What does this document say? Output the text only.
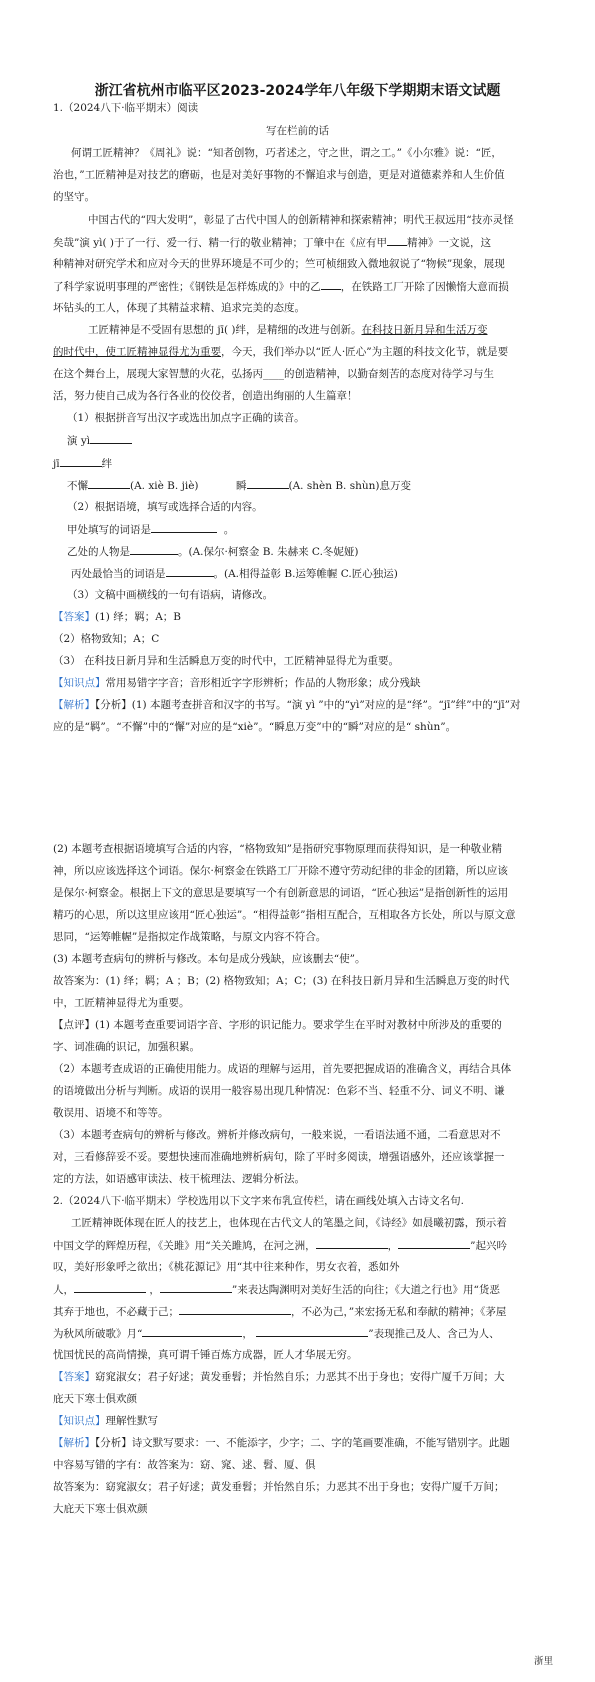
浙江省杭州市临平区2023-2024学年八年级下学期期末语文试题
1.（2024八下·临平期末）阅读
写在栏前的话
何谓工匠精神？《周礼》说：“知者创物，巧者述之，守之世，谓之工。”《小尔雅》说：“匠，
治也，”工匠精神是对技艺的磨砺，也是对美好事物的不懈追求与创造，更是对道德素养和人生价值
的坚守。
中国古代的“四大发明”，彰显了古代中国人的创新精神和探索精神；明代王叔远用“技亦灵怪
矣哉”演 yì( )于了一行、爱一行、精一行的敬业精神；丁肇中在《应有甲 精神》一文说，这
种精神对研究学术和应对今天的世界环境是不可少的；竺可桢细致入微地叙说了“物候”现象，展现
了科学家说明事理的严密性；《钢铁是怎样炼成的》中的乙 ，在铁路工厂开除了因懒惰大意而损
坏钻头的工人，体现了其精益求精、追求完美的态度。
工匠精神是不受固有思想的 jī( )绊，是精细的改进与创新。在科技日新月异和生活万变
的时代中，使工匠精神显得尤为重要，今天，我们举办以“匠人·匠心”为主题的科技文化节，就是要
在这个舞台上，展现大家智慧的火花，弘扬丙____的创造精神，以勤奋刻苦的态度对待学习与生
活，努力使自己成为各行各业的佼佼者，创造出绚丽的人生篇章！
（1）根据拼音写出汉字或选出加点字正确的读音。
演 yì
jī	绊
不懈	(A. xiè B. jiè)	瞬	(A. shèn B. shùn)息万变
（2）根据语境，填写或选择合适的内容。
甲处填写的词语是	。
乙处的人物是	。(A.保尔·柯察金 B. 朱赫来 C.冬妮娅)
丙处最恰当的词语是	。(A.相得益彰 B.运筹帷幄 C.匠心独运)
（3）文稿中画横线的一句有语病，请修改。
【答案】(1) 绎；羁；A；B
（2）格物致知；A；C
（3） 在科技日新月异和生活瞬息万变的时代中，工匠精神显得尤为重要。
【知识点】常用易错字字音；音形相近字字形辨析；作品的人物形象；成分残缺
【解析】【分析】(1) 本题考查拼音和汉字的书写。“演 yì ”中的“yì”对应的是“绎”。“jī”绊”中的“jī”对
应的是“羁”。“不懈”中的“懈”对应的是“xiè”。“瞬息万变”中的“瞬”对应的是“ shùn”。
(2) 本题考查根据语境填写合适的内容，“格物致知”是指研究事物原理而获得知识，是一种敬业精
神，所以应该选择这个词语。保尔·柯察金在铁路工厂开除不遵守劳动纪律的非金的团籍，所以应该
是保尔·柯察金。根据上下文的意思是要填写一个有创新意思的词语，“匠心独运”是指创新性的运用
精巧的心思，所以这里应该用“匠心独运”。“相得益彰”指相互配合，互相取各方长处，所以与原文意
思同，“运筹帷幄”是指拟定作战策略，与原文内容不符合。
(3) 本题考查病句的辨析与修改。本句是成分残缺，应该删去“使”。
故答案为：(1) 绎；羁；A ；B；(2) 格物致知；A；C；(3) 在科技日新月异和生活瞬息万变的时代
中，工匠精神显得尤为重要。
【点评】(1) 本题考查重要词语字音、字形的识记能力。要求学生在平时对教材中所涉及的重要的
字、词准确的识记，加强积累。
（2）本题考查成语的正确使用能力。成语的理解与运用，首先要把握成语的准确含义，再结合具体
的语境做出分析与判断。成语的误用一般容易出现几种情况：色彩不当、轻重不分、词义不明、谦
敬误用、语境不和等等。
（3）本题考查病句的辨析与修改。辨析并修改病句，一般来说，一看语法通不通，二看意思对不
对，三看修辞妥不妥。要想快速而准确地辨析病句，除了平时多阅读，增强语感外，还应该掌握一
定的方法，如语感审读法、枝干梳理法、逻辑分析法。
2.（2024八下·临平期末）学校选用以下文字来布乳宣传栏，请在画线处填入古诗文名句.
工匠精神既体现在匠人的技艺上，也体现在古代文人的笔墨之间，《诗经》如晨曦初露，预示着
中国文学的辉煌历程，《关雎》用“关关雎鸠，在河之洲，	，	”起兴吟
叹，美好形象呼之欲出；《桃花源记》用“其中往来种作，男女衣着，悉如外
人，	，	”来表达陶渊明对美好生活的向往；《大道之行也》用“货恶
其弃于地也，不必藏于己；	，不必为己，”来宏扬无私和奉献的精神；《茅屋
为秋风所破歌》月“	，	”表现推己及人、含己为人、
忧国忧民的高尚情操，真可谓千锤百炼方成器，匠人才华展无穷。
【答案】窈窕淑女；君子好逑；黄发垂髫；并怡然自乐；力恶其不出于身也；安得广厦千万间；大
庇天下寒士俱欢颜
【知识点】理解性默写
【解析】【分析】诗文默写要求：一、不能添字，少字；二、字的笔画要准确，不能写错别字。此题
中容易写错的字有：故答案为：窈、窕、逑、髫、厦、俱
故答案为：窈窕淑女；君子好逑；黄发垂髫；并怡然自乐；力恶其不出于身也；安得广厦千万间；
大庇天下寒士俱欢颜
浙里
